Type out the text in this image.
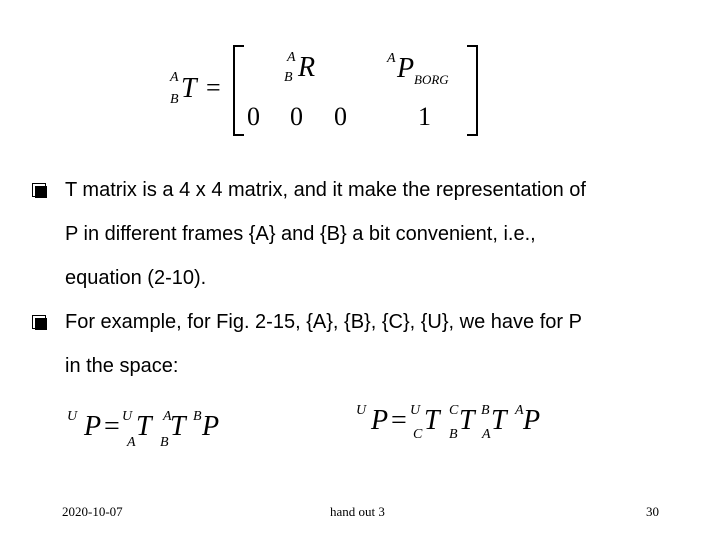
A
B T =
A
B R	A P BORG
0 0 0	1
T matrix is a 4 x 4 matrix, and it make the representation of
P in different frames {A} and {B} a bit convenient, i.e.,
equation (2-10).
For example, for Fig. 2-15, {A}, {B}, {C}, {U}, we have for P
in the space:
U P = U
A
T A
B
T B P
U P = U
C T C
B T B
A T A P
2020-10-07	hand out 3	30
